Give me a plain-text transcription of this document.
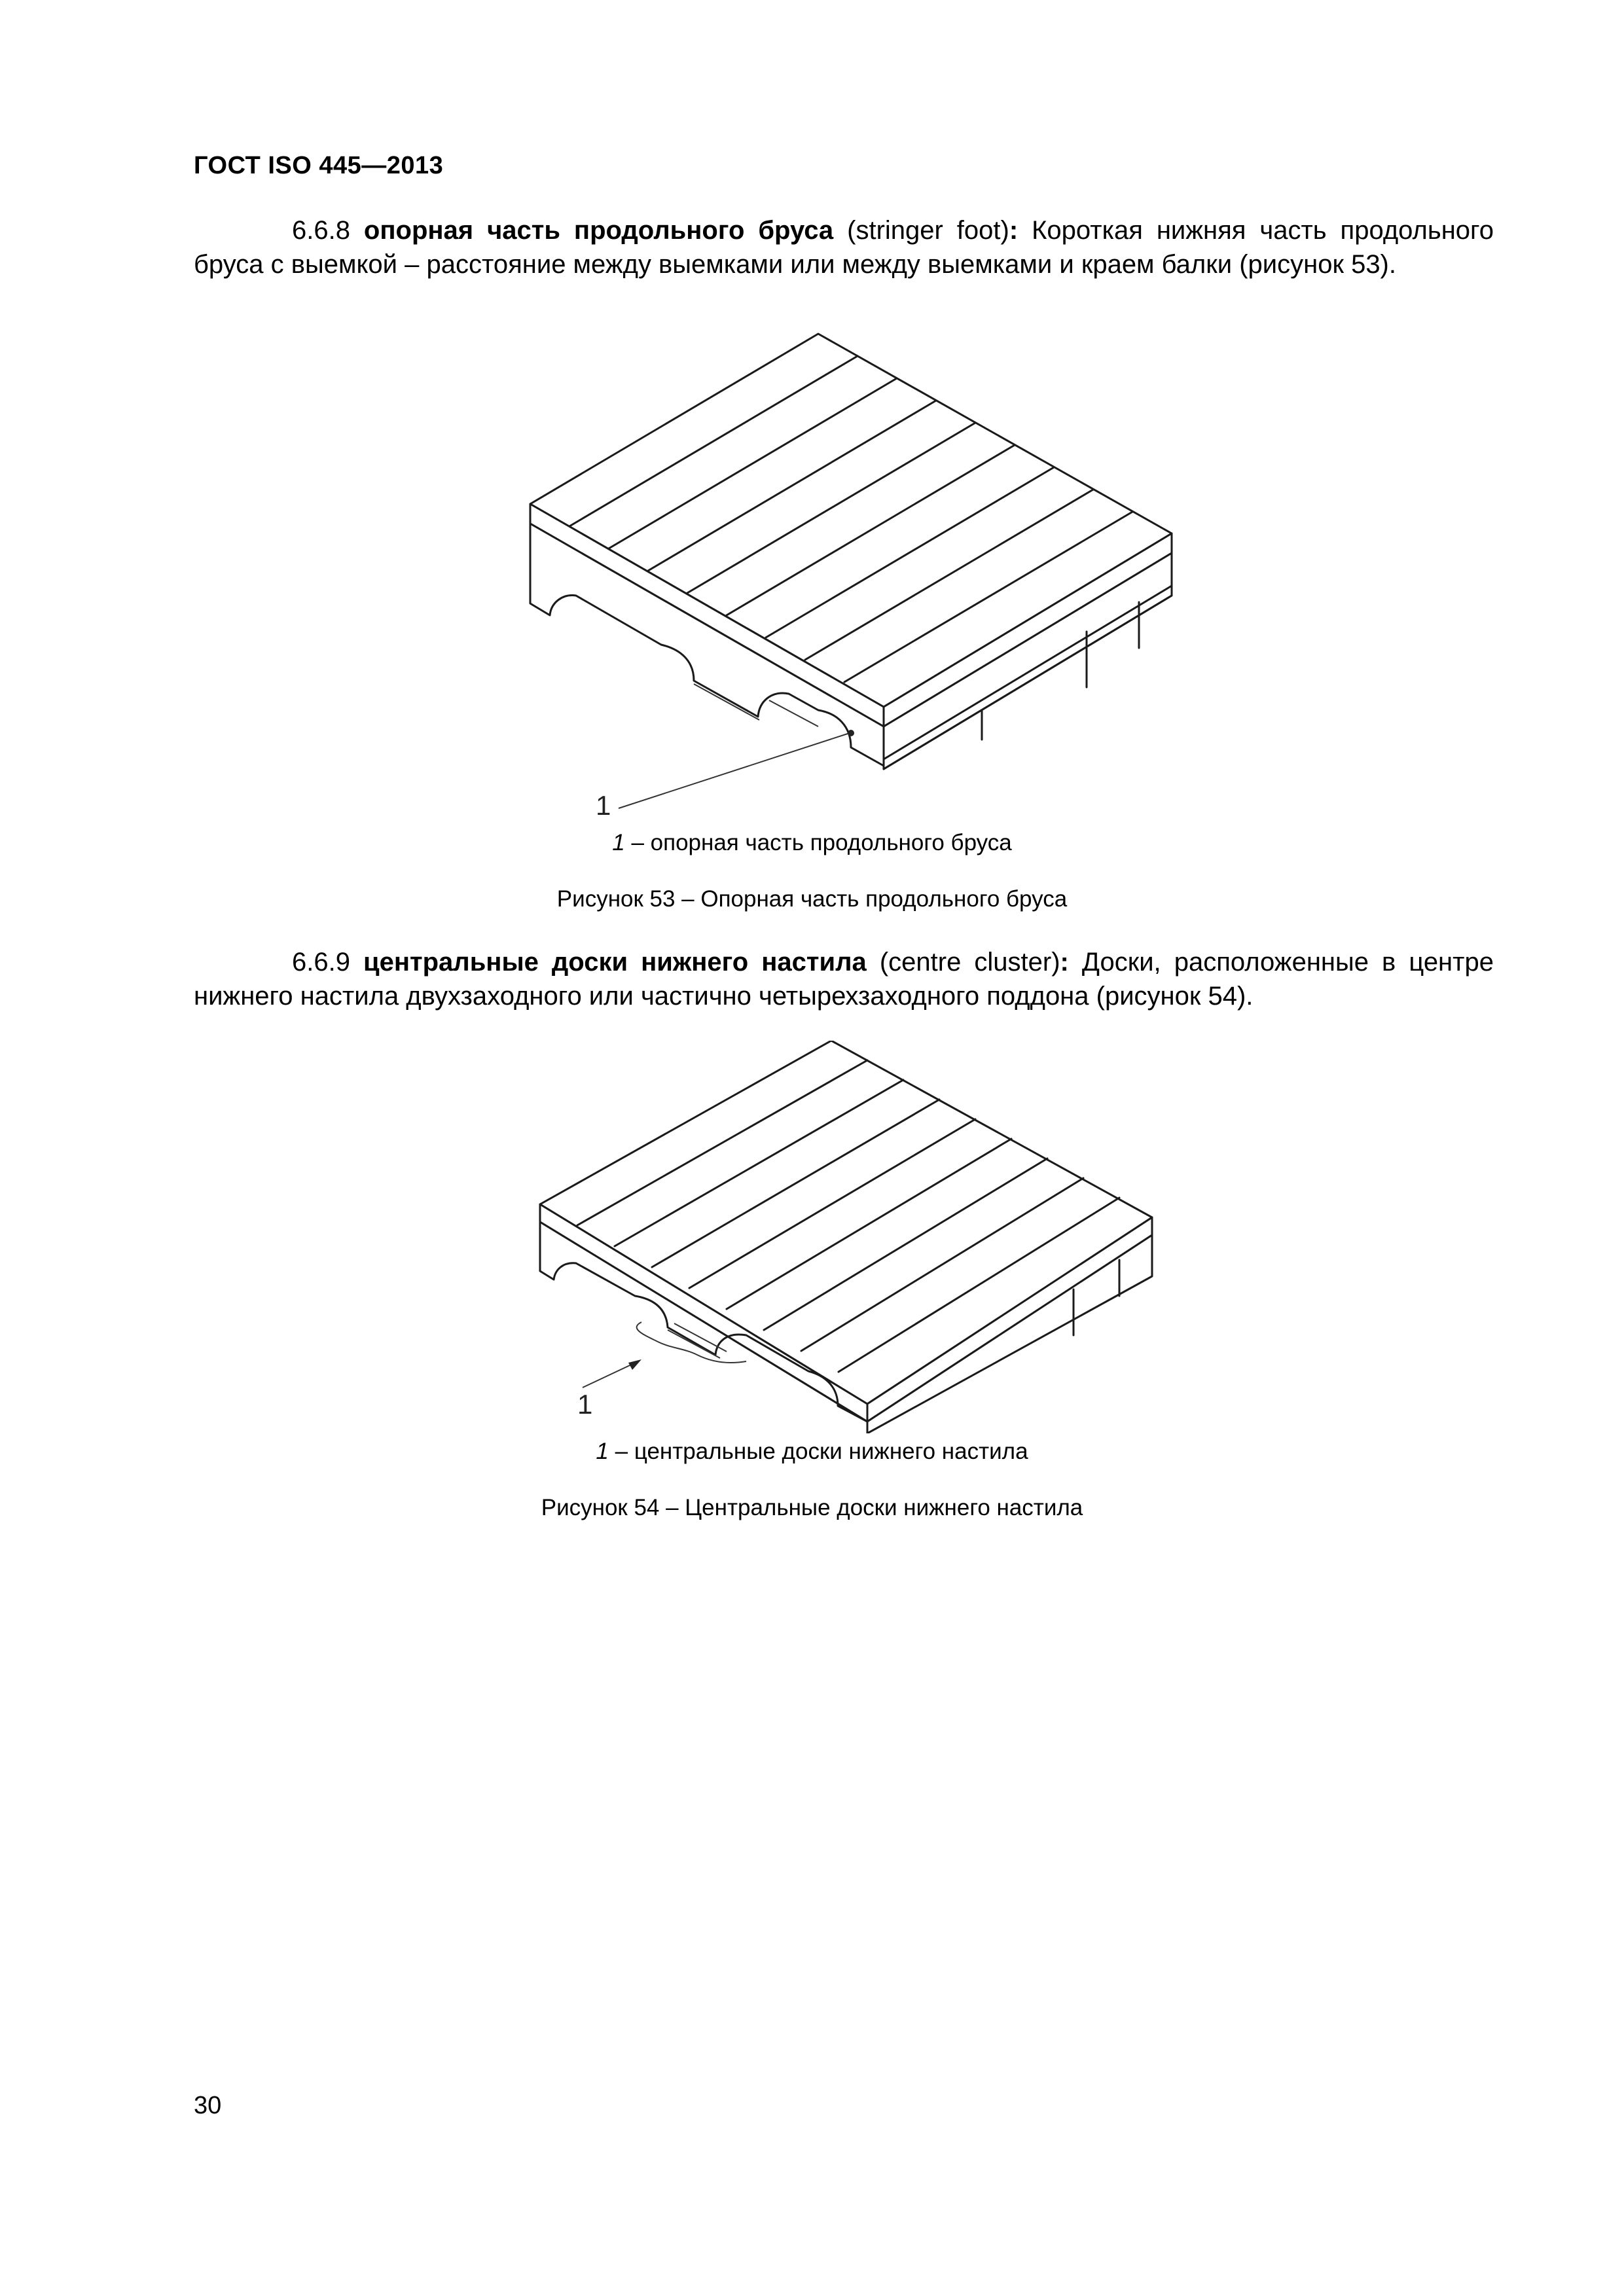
ГОСТ ISO 445—2013
6.6.8 опорная часть продольного бруса (stringer foot): Короткая нижняя часть продольного бруса с выемкой – расстояние между выемками или между выемками и краем балки (рисунок 53).
1
1 – опорная часть продольного бруса
Рисунок 53 – Опорная часть продольного бруса
6.6.9 центральные доски нижнего настила (centre cluster): Доски, расположенные в центре нижнего настила двухзаходного или частично четырехзаходного поддона (рисунок 54).
1
1 – центральные доски нижнего настила
Рисунок 54 – Центральные доски нижнего настила
30
